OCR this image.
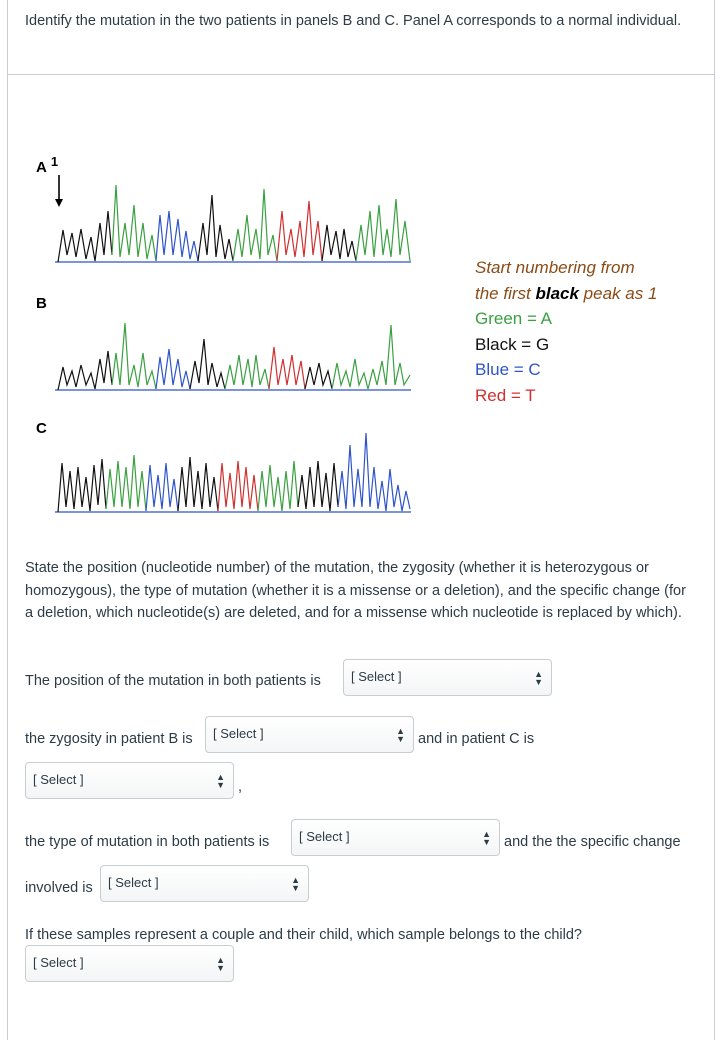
Identify the mutation in the two patients in panels B and C. Panel A corresponds to a normal individual.

A 1
B
C
Start numbering from
the first black peak as 1
Green = A
Black = G
Blue = C
Red = T

State the position (nucleotide number) of the mutation, the zygosity (whether it is heterozygous or homozygous), the type of mutation (whether it is a missense or a deletion), and the specific change (for a deletion, which nucleotide(s) are deleted, and for a missense which nucleotide is replaced by which).

The position of the mutation in both patients is [ Select ]	▲
▼
the zygosity in patient B is [ Select ]	▲
▼ and in patient C is
[ Select ]	▲
▼ ,
the type of mutation in both patients is [ Select ]	▲
▼ and the the specific change
involved is [ Select ]	▲
▼
If these samples represent a couple and their child, which sample belongs to the child?
[ Select ]	▲
▼
